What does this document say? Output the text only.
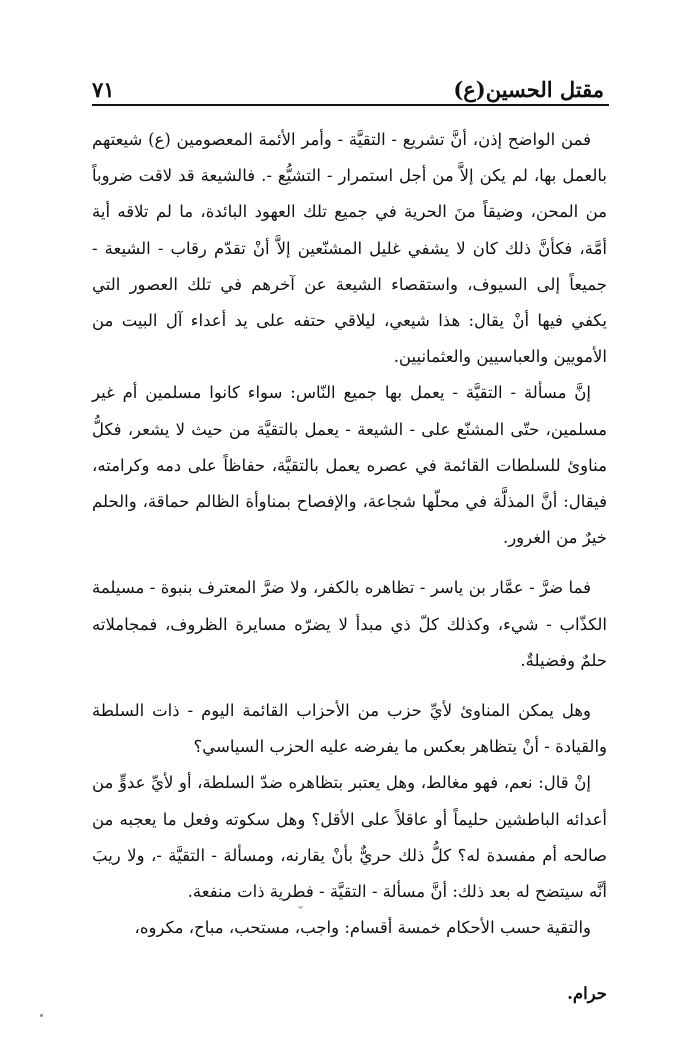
٧١	مقتل الحسين(ع)

فمن الواضح إذن، أنَّ تشريع - التقيَّة - وأمر الأئمة المعصومين (ع) شيعتهم بالعمل بها، لم يكن إلاَّ من أجل استمرار - التشيُّع -. فالشيعة قد لاقت ضروباً من المحن، وضيقاً منَ الحرية في جميع تلك العهود البائدة، ما لم تلاقه أية أمَّة، فكأنَّ ذلك كان لا يشفي غليل المشنّعين إلاَّ أنْ تقدّم رقاب - الشيعة - جميعاً إلى السيوف، واستقصاء الشيعة عن آخرهم في تلك العصور التي يكفي فيها أنْ يقال: هذا شيعي، ليلاقي حتفه على يد أعداء آل البيت من الأمويين والعباسيين والعثمانيين.

إنَّ مسألة - التقيَّة - يعمل بها جميع النّاس: سواء كانوا مسلمين أم غير مسلمين، حتّى المشنّع على - الشيعة - يعمل بالتقيَّة من حيث لا يشعر، فكلُّ مناوئ للسلطات القائمة في عصره يعمل بالتقيَّة، حفاظاً على دمه وكرامته، فيقال: أنَّ المذلَّة في محلّها شجاعة، والإفصاح بمناوأة الظالم حماقة، والحلم خيرٌ من الغرور.

فما ضرَّ - عمَّار بن ياسر - تظاهره بالكفر، ولا ضرَّ المعترف بنبوة - مسيلمة الكذّاب - شيء، وكذلك كلّ ذي مبدأ لا يضرّه مسايرة الظروف، فمجاملاته حلمٌ وفضيلةٌ.

وهل يمكن المناوئ لأيِّ حزب من الأحزاب القائمة اليوم - ذات السلطة والقيادة - أنْ يتظاهر بعكس ما يفرضه عليه الحزب السياسي؟

إنْ قال: نعم، فهو مغالط، وهل يعتبر بتظاهره ضدّ السلطة، أو لأيِّ عدوٍّ من أعدائه الباطشين حليماً أو عاقلاً على الأقل؟ وهل سكوته وفعل ما يعجبه من صالحه أم مفسدة له؟ كلُّ ذلك حريٌّ بأنْ يقارنه، ومسألة - التقيَّة -، ولا ريبَ أنَّه سيتضح له بعد ذلك: أنَّ مسألة - التقيَّة - فطرية ذات منفعة.

والتقية حسب الأحكام خمسة أقسام: واجب، مستحب، مباح، مكروه،

حرام.

ˇ
